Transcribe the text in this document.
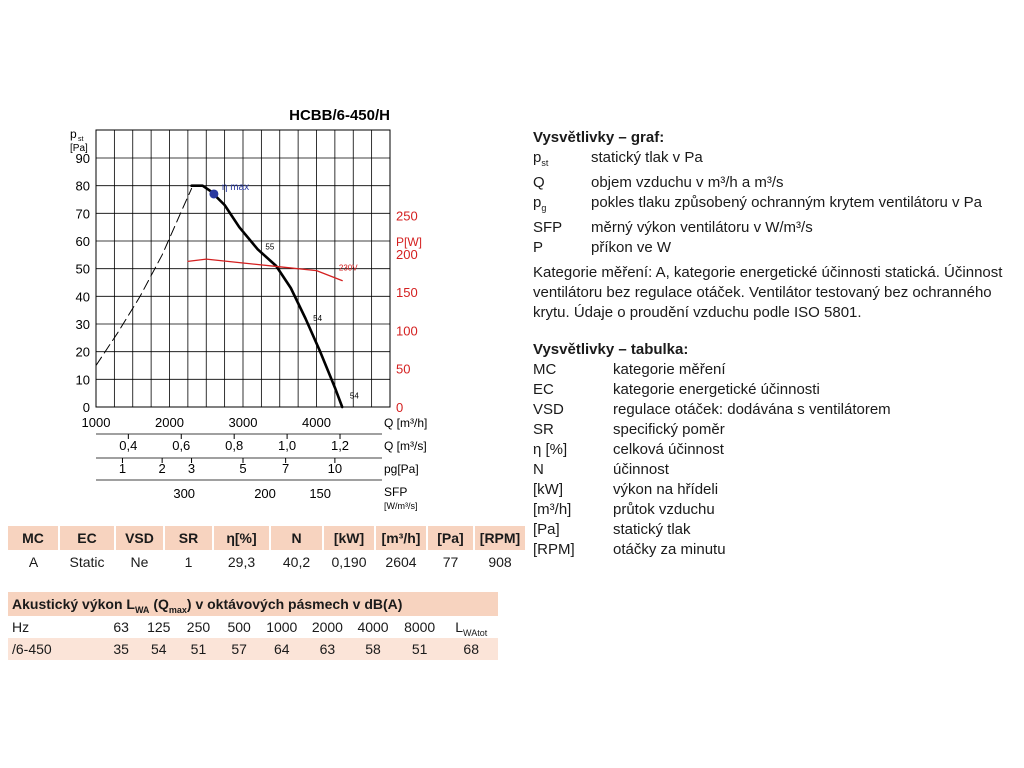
0
10
20
30
40
50
60
70
80
90
0
50
100
150
200
250
p st
[Pa]
P[W]
HCBB/6-450/H
1000	2000	3000	4000	Q [m³/h]
0,4	0,6	0,8	1,0	1,2	Q [m³/s]
1 2 3	5	7	10	pg[Pa]
300	200	150	SFP
[W/m³/s]
η max
55
54
54
230V
Vysvětlivky – graf:
$p_{st}$	statický tlak v Pa
Q	objem vzduchu v m³/h a m³/s
$p_g$	pokles tlaku způsobený ochranným krytem ventilátoru v Pa
SFP	měrný výkon ventilátoru v W/m³/s
P	příkon ve W
Kategorie měření: A, kategorie energetické účinnosti statická. Účinnost ventilátoru bez regulace otáček. Ventilátor testovaný bez ochranného krytu. Údaje o proudění vzduchu podle ISO 5801.
Vysvětlivky – tabulka:
MC	kategorie měření
EC	kategorie energetické účinnosti
VSD	regulace otáček: dodávána s ventilátorem
SR	specifický poměr
η [%]	celková účinnost
N	účinnost
[kW]	výkon na hřídeli
[m³/h]	průtok vzduchu
[Pa]	statický tlak
[RPM]	otáčky za minutu
MC	EC	VSD	SR	η[%]	N	[kW]	[m³/h]	[Pa]	[RPM]
A	Static	Ne	1	29,3	40,2	0,190	2604	77	908
Akustický výkon $L_{WA}$ $(Q_{max})$ v oktávových pásmech v dB(A)
Hz	63	125	250	500	1000	2000	4000	8000	$L_{WAtot}$
/6-450	35	54	51	57	64	63	58	51	68
